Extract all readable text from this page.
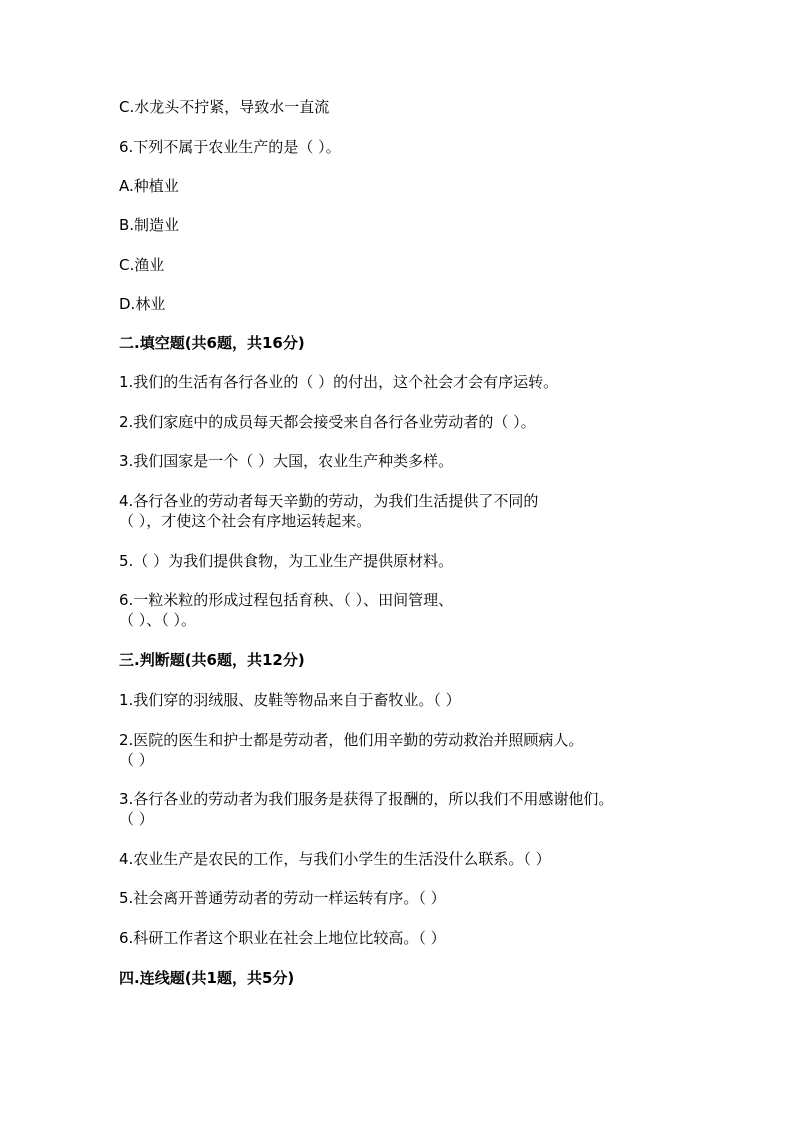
C.水龙头不拧紧，导致水一直流
6.下列不属于农业生产的是（ ）。
A.种植业
B.制造业
C.渔业
D.林业
二.填空题(共6题，共16分)
1.我们的生活有各行各业的（ ）的付出，这个社会才会有序运转。
2.我们家庭中的成员每天都会接受来自各行各业劳动者的（ ）。
3.我们国家是一个（ ）大国，农业生产种类多样。
4.各行各业的劳动者每天辛勤的劳动，为我们生活提供了不同的
（ ），才使这个社会有序地运转起来。
5.（ ）为我们提供食物，为工业生产提供原材料。
6.一粒米粒的形成过程包括育秧、（ ）、田间管理、
（ ）、（ ）。
三.判断题(共6题，共12分)
1.我们穿的羽绒服、皮鞋等物品来自于畜牧业。（ ）
2.医院的医生和护士都是劳动者，他们用辛勤的劳动救治并照顾病人。
（ ）
3.各行各业的劳动者为我们服务是获得了报酬的，所以我们不用感谢他们。
（ ）
4.农业生产是农民的工作，与我们小学生的生活没什么联系。（ ）
5.社会离开普通劳动者的劳动一样运转有序。（ ）
6.科研工作者这个职业在社会上地位比较高。（ ）
四.连线题(共1题，共5分)
